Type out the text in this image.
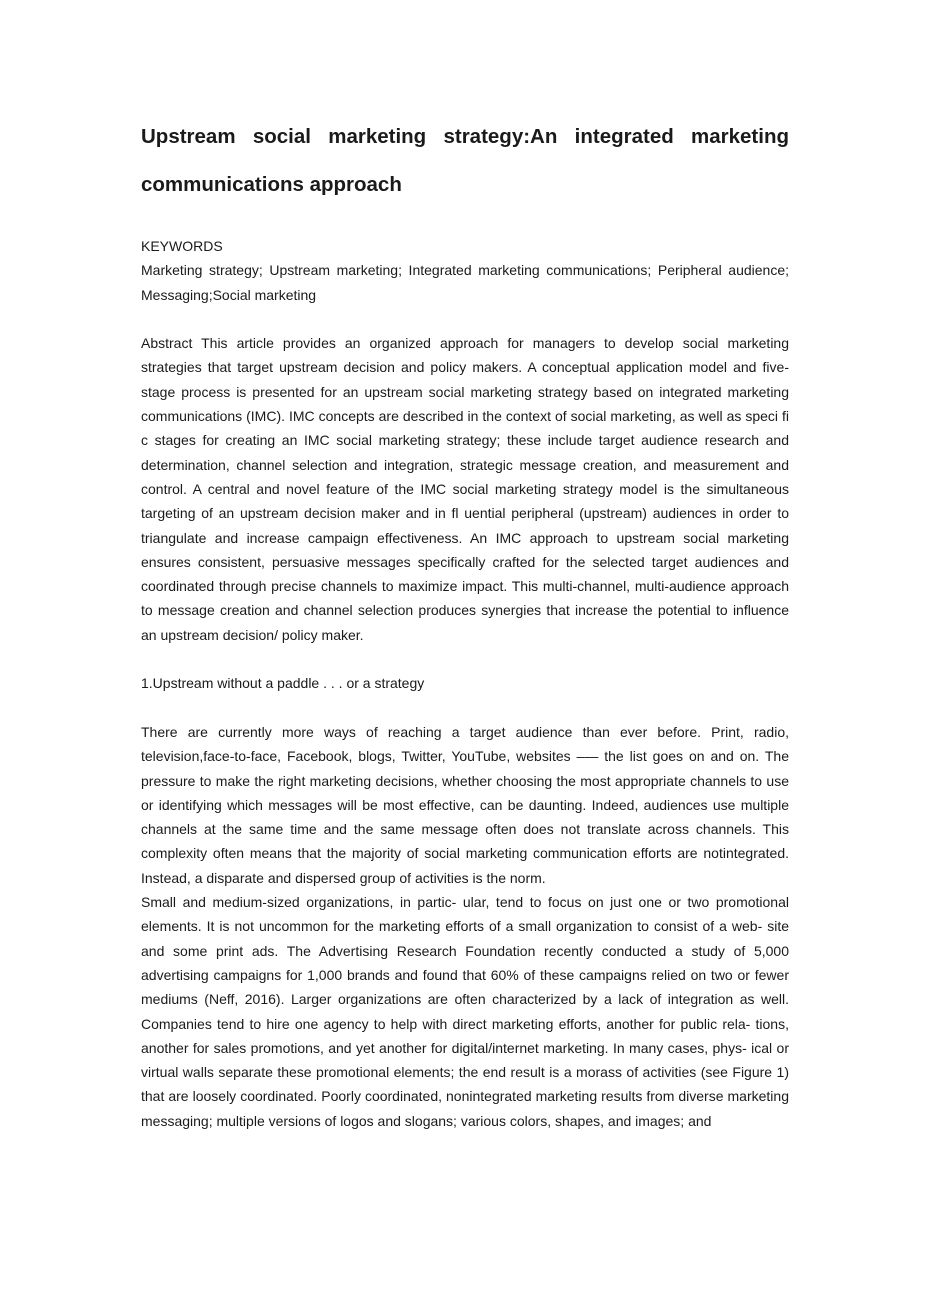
Upstream social marketing strategy:An integrated marketing
communications approach

KEYWORDS

Marketing strategy; Upstream marketing; Integrated marketing communications; Peripheral audience; Messaging;Social marketing

Abstract This article provides an organized approach for managers to develop social marketing strategies that target upstream decision and policy makers. A conceptual application model and ﬁve-stage process is presented for an upstream social marketing strategy based on integrated marketing communications (IMC). IMC concepts are described in the context of social marketing, as well as speci ﬁ c stages for creating an IMC social marketing strategy; these include target audience research and determination, channel selection and integration, strategic message creation, and measurement and control. A central and novel feature of the IMC social marketing strategy model is the simultaneous targeting of an upstream decision maker and in ﬂ uential peripheral (upstream) audiences in order to triangulate and increase campaign effectiveness. An IMC approach to upstream social marketing ensures consistent, persuasive messages speciﬁcally crafted for the selected target audiences and coordinated through precise channels to maximize impact. This multi-channel, multi-audience approach to message creation and channel selection produces synergies that increase the potential to inﬂuence an upstream decision/ policy maker.

1.Upstream without a paddle . . . or a strategy

There are currently more ways of reaching a target audience than ever before. Print, radio, television,face-to-face, Facebook, blogs, Twitter, YouTube, websites –— the list goes on and on. The pressure to make the right marketing decisions, whether choosing the most appropriate channels to use or identifying which messages will be most effective, can be daunting. Indeed, audiences use multiple channels at the same time and the same message often does not translate across channels. This complexity often means that the majority of social marketing communication efforts are notintegrated. Instead, a disparate and dispersed group of activities is the norm.

Small and medium-sized organizations, in partic- ular, tend to focus on just one or two promotional elements. It is not uncommon for the marketing efforts of a small organization to consist of a web- site and some print ads. The Advertising Research Foundation recently conducted a study of 5,000 advertising campaigns for 1,000 brands and found that 60% of these campaigns relied on two or fewer mediums (Neff, 2016). Larger organizations are often characterized by a lack of integration as well. Companies tend to hire one agency to help with direct marketing efforts, another for public rela- tions, another for sales promotions, and yet another for digital/internet marketing. In many cases, phys- ical or virtual walls separate these promotional elements; the end result is a morass of activities (see Figure 1) that are loosely coordinated. Poorly coordinated, nonintegrated marketing results from diverse marketing messaging; multiple versions of logos and slogans; various colors, shapes, and images; and
